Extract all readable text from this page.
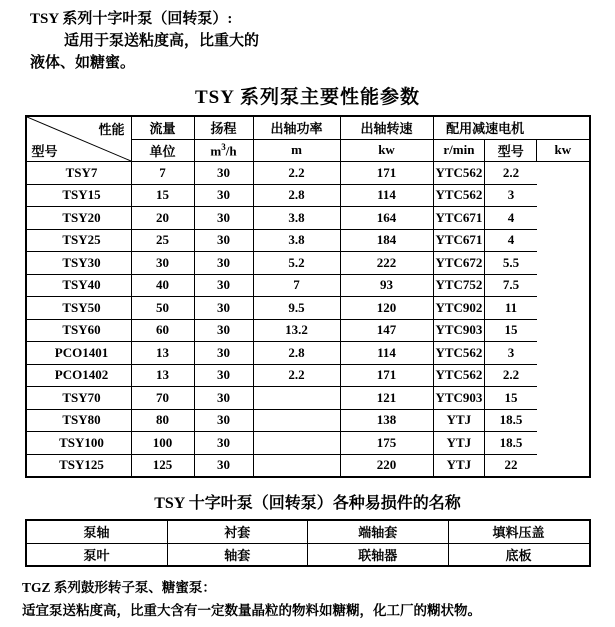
TSY 系列十字叶泵（回转泵）:
适用于泵送粘度高，比重大的
液体、如糖蜜。
TSY 系列泵主要性能参数
性能
型号	流量	扬程	出轴功率	出轴转速	配用减速电机		
	单位	$m^3/h$	m	kw	r/min	型号	kw
TSY7	7	30	2.2	171	YTC562	2.2	
TSY15	15	30	2.8	114	YTC562	3	
TSY20	20	30	3.8	164	YTC671	4	
TSY25	25	30	3.8	184	YTC671	4	
TSY30	30	30	5.2	222	YTC672	5.5	
TSY40	40	30	7	93	YTC752	7.5	
TSY50	50	30	9.5	120	YTC902	11	
TSY60	60	30	13.2	147	YTC903	15	
PCO1401	13	30	2.8	114	YTC562	3	
PCO1402	13	30	2.2	171	YTC562	2.2	
TSY70	70	30		121	YTC903	15	
TSY80	80	30		138	YTJ	18.5	
TSY100	100	30		175	YTJ	18.5	
TSY125	125	30		220	YTJ	22	
TSY 十字叶泵（回转泵）各种易损件的名称
泵轴	衬套	端轴套	填料压盖
泵叶	轴套	联轴器	底板
TGZ 系列鼓形转子泵、糖蜜泵：
适宜泵送粘度高，比重大含有一定数量晶粒的物料如糖糊，化工厂的糊状物。
